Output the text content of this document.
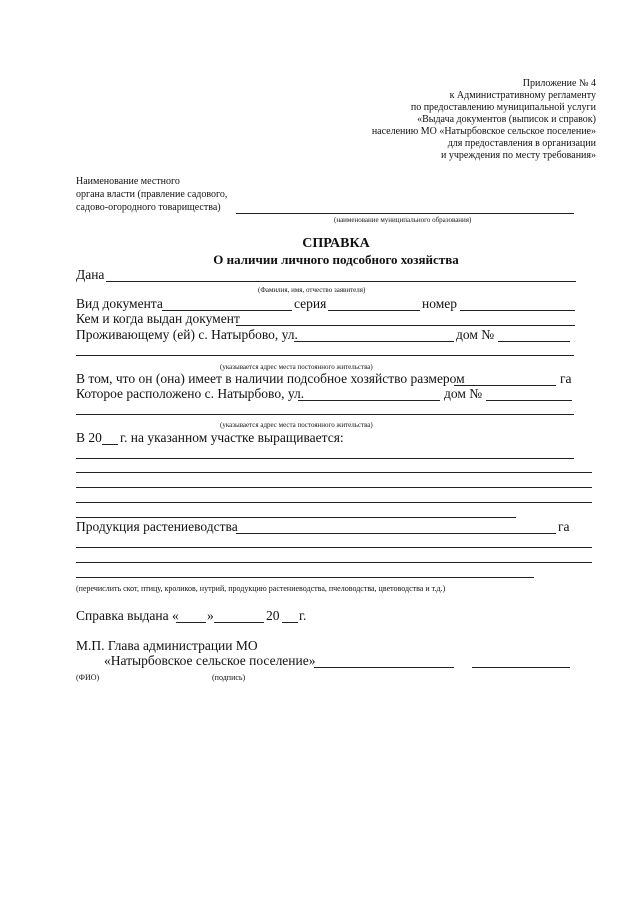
Приложение № 4
к Административному регламенту
по предоставлению муниципальной услуги
«Выдача документов (выписок и справок)
населению МО «Натырбовское сельское поселение»
для предоставления в организации
и учреждения по месту требования»
Наименование местного
органа власти (правление садового,
садово-огородного товарищества)
(наименование муниципального образования)
СПРАВКА
О наличии личного подсобного хозяйства
Дана
(Фамилия, имя, отчество заявителя)
Вид документа	серия	номер
Кем и когда выдан документ
Проживающему (ей) с. Натырбово, ул.	дом №
(указывается адрес места постоянного жительства)
В том, что он (она) имеет в наличии подсобное хозяйство размером	га
Которое расположено с. Натырбово, ул.	дом №
(указывается адрес места постоянного жительства)
В 20 г. на указанном участке выращивается:
Продукция растениеводства	га
(перечислить скот, птицу, кроликов, нутрий, продукцию растениеводства, пчеловодства, цветоводства и т.д.)
Справка выдана « »	20 г.
М.П. Глава администрации МО
«Натырбовское сельское поселение»
(ФИО)	(подпись)
